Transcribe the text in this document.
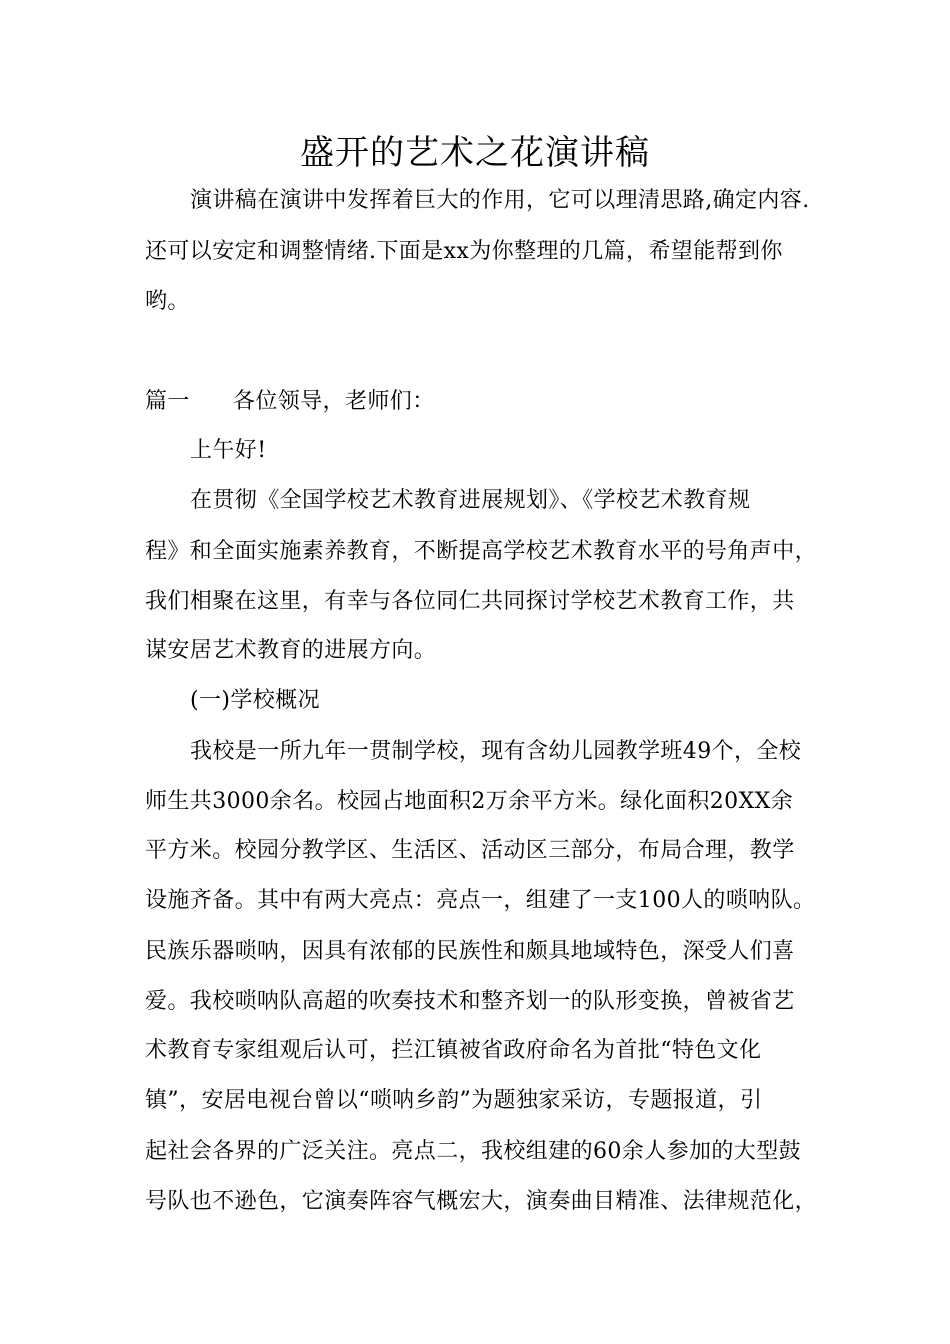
盛开的艺术之花演讲稿
演讲稿在演讲中发挥着巨大的作用，它可以理清思路,确定内容.
还可以安定和调整情绪.下面是xx为你整理的几篇，希望能帮到你
哟。
篇一 各位领导，老师们：
上午好!
在贯彻《全国学校艺术教育进展规划》、《学校艺术教育规
程》和全面实施素养教育，不断提高学校艺术教育水平的号角声中，
我们相聚在这里，有幸与各位同仁共同探讨学校艺术教育工作，共
谋安居艺术教育的进展方向。
(一)学校概况
我校是一所九年一贯制学校，现有含幼儿园教学班49个，全校
师生共3000余名。校园占地面积2万余平方米。绿化面积20XX余
平方米。校园分教学区、生活区、活动区三部分，布局合理，教学
设施齐备。其中有两大亮点：亮点一，组建了一支100人的唢呐队。
民族乐器唢呐，因具有浓郁的民族性和颇具地域特色，深受人们喜
爱。我校唢呐队高超的吹奏技术和整齐划一的队形变换，曾被省艺
术教育专家组观后认可，拦江镇被省政府命名为首批“特色文化
镇”，安居电视台曾以“唢呐乡韵”为题独家采访，专题报道，引
起社会各界的广泛关注。亮点二，我校组建的60余人参加的大型鼓
号队也不逊色，它演奏阵容气概宏大，演奏曲目精准、法律规范化，
